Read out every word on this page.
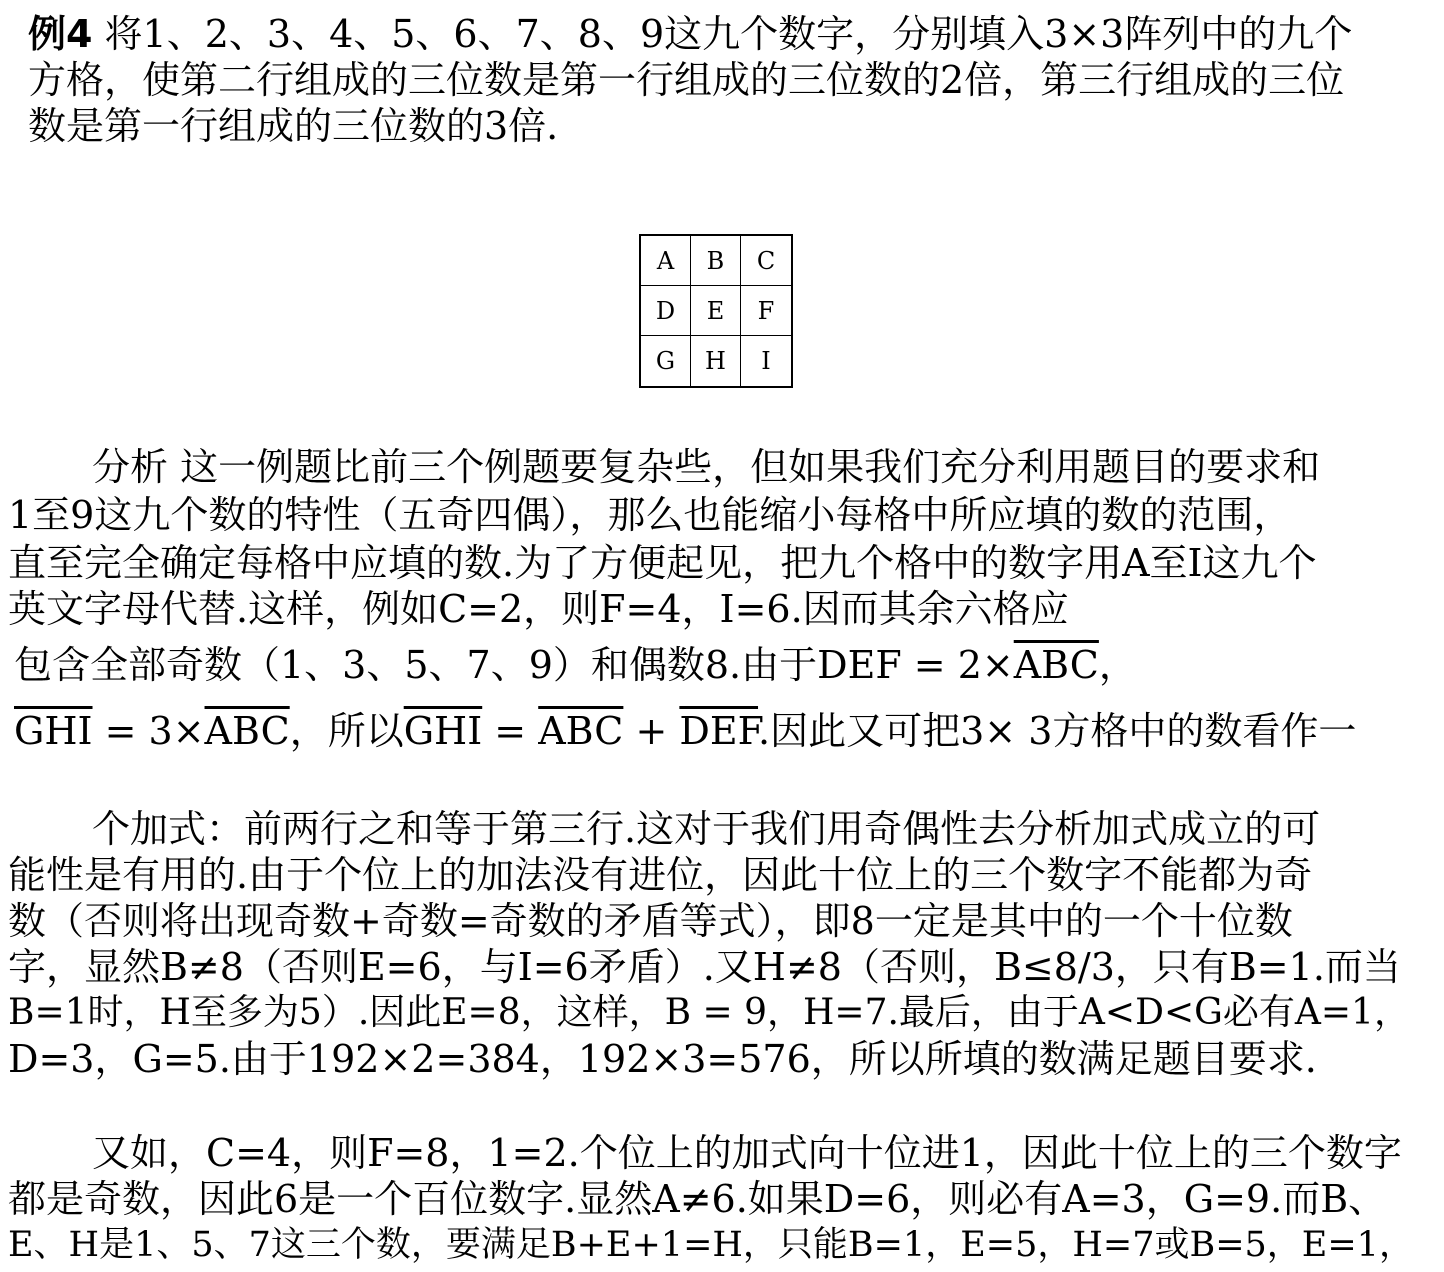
例4 将1、2、3、4、5、6、7、8、9这九个数字，分别填入3×3阵列中的九个
方格，使第二行组成的三位数是第一行组成的三位数的2倍，第三行组成的三位
数是第一行组成的三位数的3倍.
A	B	C
D	E	F
G	H	I
分析 这一例题比前三个例题要复杂些，但如果我们充分利用题目的要求和
1至9这九个数的特性（五奇四偶），那么也能缩小每格中所应填的数的范围，
直至完全确定每格中应填的数.为了方便起见，把九个格中的数字用A至I这九个
英文字母代替.这样，例如C=2，则F=4，I=6.因而其余六格应
包含全部奇数（1、3、5、7、9）和偶数8.由于DEF = $2\times\overline{ABC}$，
$\overline{GHI} = 3\times\overline{ABC}$，所以$\overline{GHI} = \overline{ABC} + \overline{DEF}$.因此又可把3× 3方格中的数看作一
个加式：前两行之和等于第三行.这对于我们用奇偶性去分析加式成立的可
能性是有用的.由于个位上的加法没有进位，因此十位上的三个数字不能都为奇
数（否则将出现奇数+奇数=奇数的矛盾等式），即8一定是其中的一个十位数
字，显然B≠8（否则E=6，与I=6矛盾）.又H≠8（否则，B≤8/3，只有B=1.而当
B=1时，H至多为5）.因此E=8，这样，B = 9，H=7.最后，由于A<D<G必有A=1，
D=3，G=5.由于192×2=384，192×3=576，所以所填的数满足题目要求.
又如，C=4，则F=8，1=2.个位上的加式向十位进1，因此十位上的三个数字
都是奇数，因此6是一个百位数字.显然A≠6.如果D=6，则必有A=3，G=9.而B、
E、H是1、5、7这三个数，要满足B+E+1=H，只能B=1，E=5，H=7或B=5，E=1，
